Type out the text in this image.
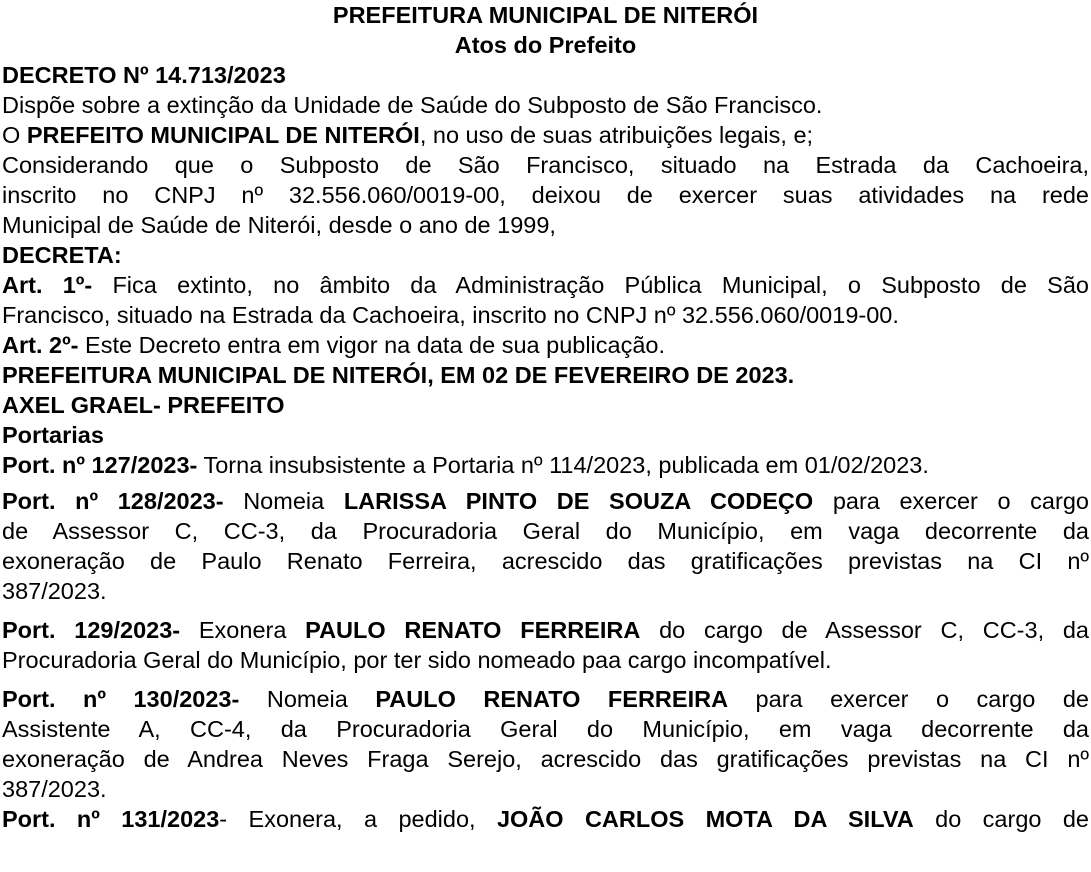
PREFEITURA MUNICIPAL DE NITERÓI
Atos do Prefeito
DECRETO Nº 14.713/2023
Dispõe sobre a extinção da Unidade de Saúde do Subposto de São Francisco.
O PREFEITO MUNICIPAL DE NITERÓI, no uso de suas atribuições legais, e;
Considerando que o Subposto de São Francisco, situado na Estrada da Cachoeira,
inscrito no CNPJ nº 32.556.060/0019-00, deixou de exercer suas atividades na rede
Municipal de Saúde de Niterói, desde o ano de 1999,
DECRETA:
Art. 1º- Fica extinto, no âmbito da Administração Pública Municipal, o Subposto de São
Francisco, situado na Estrada da Cachoeira, inscrito no CNPJ nº 32.556.060/0019-00.
Art. 2º- Este Decreto entra em vigor na data de sua publicação.
PREFEITURA MUNICIPAL DE NITERÓI, EM 02 DE FEVEREIRO DE 2023.
AXEL GRAEL- PREFEITO
Portarias
Port. nº 127/2023- Torna insubsistente a Portaria nº 114/2023, publicada em 01/02/2023.
Port. nº 128/2023- Nomeia LARISSA PINTO DE SOUZA CODEÇO para exercer o cargo
de Assessor C, CC-3, da Procuradoria Geral do Município, em vaga decorrente da
exoneração de Paulo Renato Ferreira, acrescido das gratificações previstas na CI nº
387/2023.
Port. 129/2023- Exonera PAULO RENATO FERREIRA do cargo de Assessor C, CC-3, da
Procuradoria Geral do Município, por ter sido nomeado paa cargo incompatível.
Port. nº 130/2023- Nomeia PAULO RENATO FERREIRA para exercer o cargo de
Assistente A, CC-4, da Procuradoria Geral do Município, em vaga decorrente da
exoneração de Andrea Neves Fraga Serejo, acrescido das gratificações previstas na CI nº
387/2023.
Port. nº 131/2023- Exonera, a pedido, JOÃO CARLOS MOTA DA SILVA do cargo de
